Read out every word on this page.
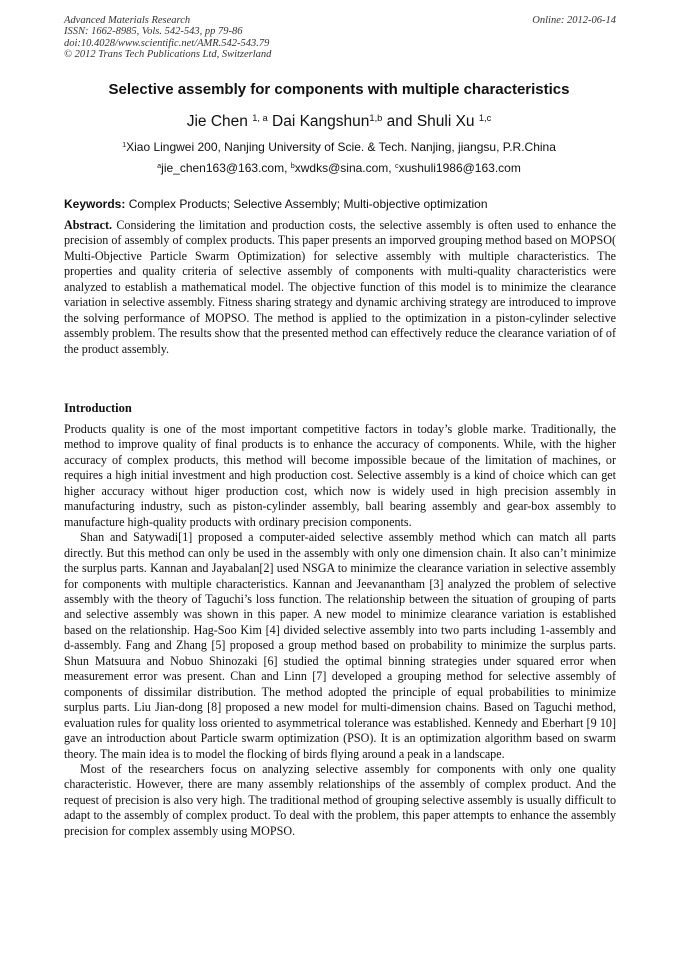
Advanced Materials Research
ISSN: 1662-8985, Vols. 542-543, pp 79-86
doi:10.4028/www.scientific.net/AMR.542-543.79
© 2012 Trans Tech Publications Ltd, Switzerland
Online: 2012-06-14
Selective assembly for components with multiple characteristics
Jie Chen $^{1, a}$ Dai Kangshun$^{1,b}$ and Shuli Xu $^{1,c}$
$^1$Xiao Lingwei 200, Nanjing University of Scie. & Tech. Nanjing, jiangsu, P.R.China
$^a$jie_chen163@163.com, $^b$xwdks@sina.com, $^c$xushuli1986@163.com
Keywords: Complex Products; Selective Assembly; Multi-objective optimization
Abstract. Considering the limitation and production costs, the selective assembly is often used to enhance the precision of assembly of complex products. This paper presents an imporved grouping method based on MOPSO( Multi-Objective Particle Swarm Optimization) for selective assembly with multiple characteristics. The properties and quality criteria of selective assembly of components with multi-quality characteristics were analyzed to establish a mathematical model. The objective function of this model is to minimize the clearance variation in selective assembly. Fitness sharing strategy and dynamic archiving strategy are introduced to improve the solving performance of MOPSO. The method is applied to the optimization in a piston-cylinder selective assembly problem. The results show that the presented method can effectively reduce the clearance variation of of the product assembly.
Introduction

Products quality is one of the most important competitive factors in today’s globle marke. Traditionally, the method to improve quality of final products is to enhance the accuracy of components. While, with the higher accuracy of complex products, this method will become impossible becaue of the limitation of machines, or requires a high initial investment and high production cost. Selective assembly is a kind of choice which can get higher accuracy without higer production cost, which now is widely used in high precision assembly in manufacturing industry, such as piston-cylinder assembly, ball bearing assembly and gear-box assembly to manufacture high-quality products with ordinary precision components.

Shan and Satywadi[1] proposed a computer-aided selective assembly method which can match all parts directly. But this method can only be used in the assembly with only one dimension chain. It also can’t minimize the surplus parts. Kannan and Jayabalan[2] used NSGA to minimize the clearance variation in selective assembly for components with multiple characteristics. Kannan and Jeevanantham [3] analyzed the problem of selective assembly with the theory of Taguchi’s loss function. The relationship between the situation of grouping of parts and selective assembly was shown in this paper. A new model to minimize clearance variation is established based on the relationship. Hag-Soo Kim [4] divided selective assembly into two parts including 1-assembly and d-assembly. Fang and Zhang [5] proposed a group method based on probability to minimize the surplus parts. Shun Matsuura and Nobuo Shinozaki [6] studied the optimal binning strategies under squared error when measurement error was present. Chan and Linn [7] developed a grouping method for selective assembly of components of dissimilar distribution. The method adopted the principle of equal probabilities to minimize surplus parts. Liu Jian-dong [8] proposed a new model for multi-dimension chains. Based on Taguchi method, evaluation rules for quality loss oriented to asymmetrical tolerance was established. Kennedy and Eberhart [9 10] gave an introduction about Particle swarm optimization (PSO). It is an optimization algorithm based on swarm theory. The main idea is to model the flocking of birds flying around a peak in a landscape.

Most of the researchers focus on analyzing selective assembly for components with only one quality characteristic. However, there are many assembly relationships of the assembly of complex product. And the request of precision is also very high. The traditional method of grouping selective assembly is usually difficult to adapt to the assembly of complex product. To deal with the problem, this paper attempts to enhance the assembly precision for complex assembly using MOPSO.
